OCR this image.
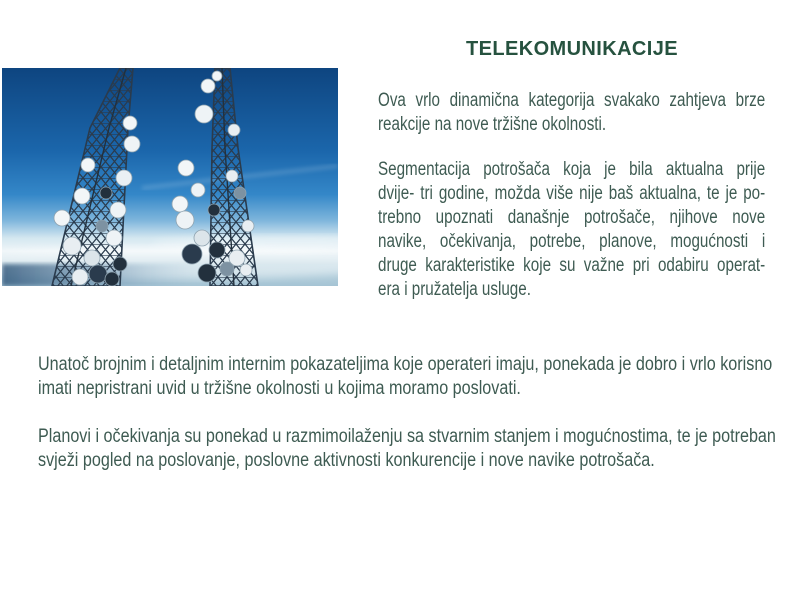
TELEKOMUNIKACIJE
Ova vrlo dinamična kategorija svakako zahtjeva brze
reakcije na nove tržišne okolnosti.
Segmentacija potrošača koja je bila aktualna prije
dvije- tri godine, možda više nije baš aktualna, te je po-
trebno upoznati današnje potrošače, njihove nove
navike, očekivanja, potrebe, planove, mogućnosti i
druge karakteristike koje su važne pri odabiru operat-
era i pružatelja usluge.
Unatoč brojnim i detaljnim internim pokazateljima koje operateri imaju, ponekada je dobro i vrlo korisno
imati nepristrani uvid u tržišne okolnosti u kojima moramo poslovati.
Planovi i očekivanja su ponekad u razmimoilaženju sa stvarnim stanjem i mogućnostima, te je potreban
svježi pogled na poslovanje, poslovne aktivnosti konkurencije i nove navike potrošača.
